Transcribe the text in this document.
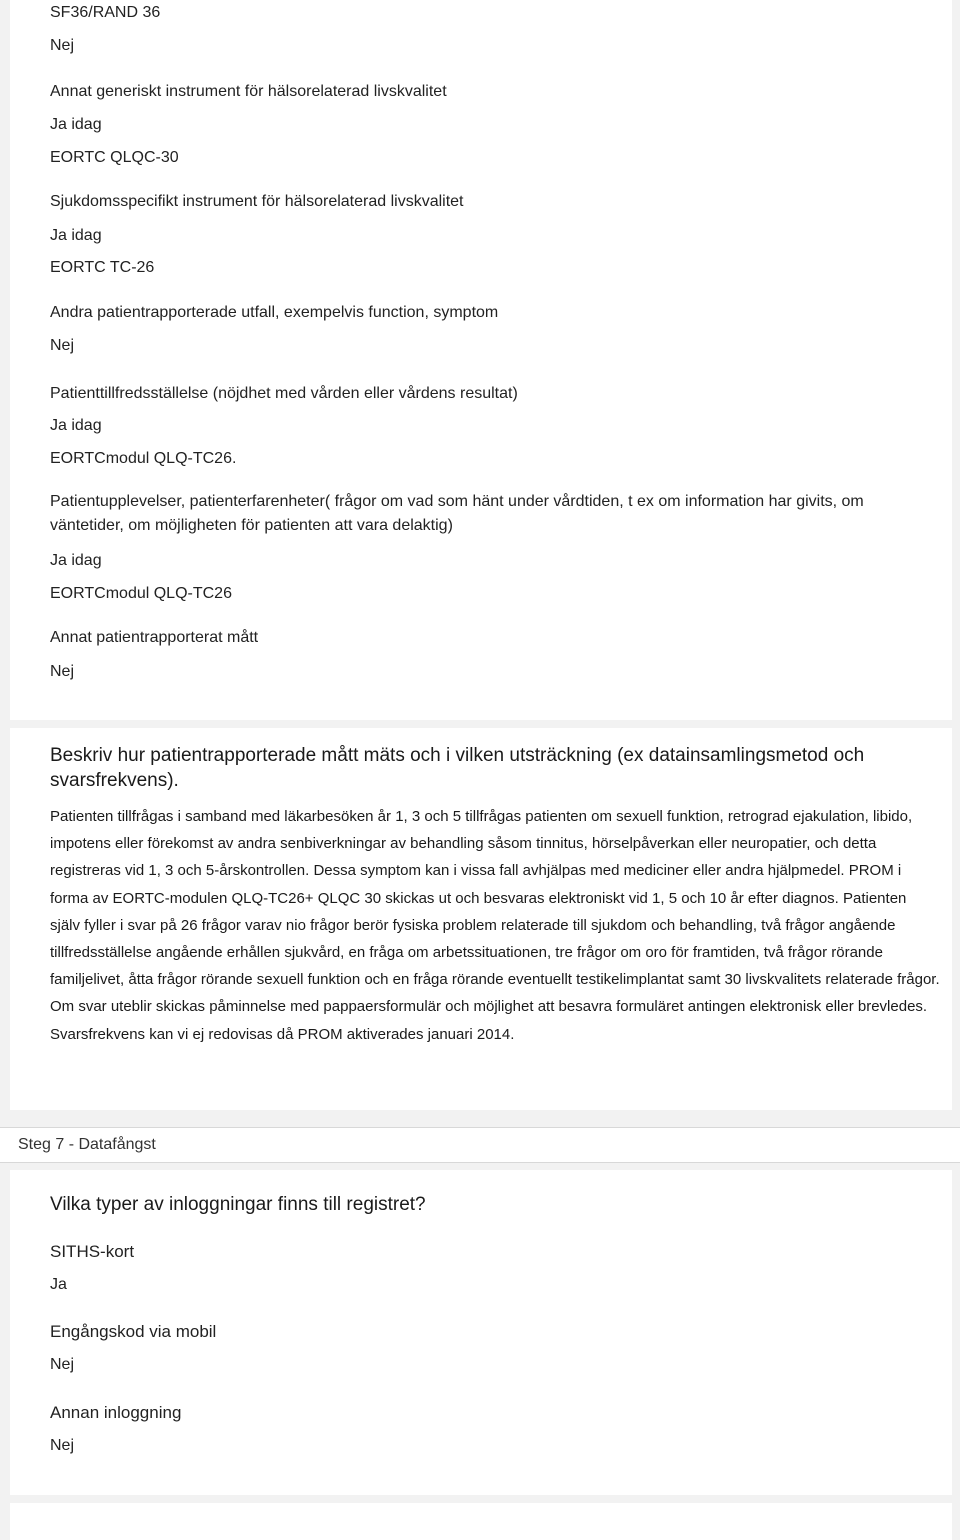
SF36/RAND 36
Nej
Annat generiskt instrument för hälsorelaterad livskvalitet
Ja idag
EORTC QLQC-30
Sjukdomsspecifikt instrument för hälsorelaterad livskvalitet
Ja idag
EORTC TC-26
Andra patientrapporterade utfall, exempelvis function, symptom
Nej
Patienttillfredsställelse (nöjdhet med vården eller vårdens resultat)
Ja idag
EORTCmodul QLQ-TC26.
Patientupplevelser, patienterfarenheter( frågor om vad som hänt under vårdtiden, t ex om information har givits, om väntetider, om möjligheten för patienten att vara delaktig)
Ja idag
EORTCmodul QLQ-TC26
Annat patientrapporterat mått
Nej
Beskriv hur patientrapporterade mått mäts och i vilken utsträckning (ex datainsamlingsmetod och svarsfrekvens).
Patienten tillfrågas i samband med läkarbesöken år 1, 3 och 5 tillfrågas patienten om sexuell funktion, retrograd ejakulation, libido, impotens eller förekomst av andra senbiverkningar av behandling såsom tinnitus, hörselpåverkan eller neuropatier, och detta registreras vid 1, 3 och 5-årskontrollen. Dessa symptom kan i vissa fall avhjälpas med mediciner eller andra hjälpmedel. PROM i forma av EORTC-modulen QLQ-TC26+ QLQC 30 skickas ut och besvaras elektroniskt vid 1, 5 och 10 år efter diagnos. Patienten själv fyller i svar på 26 frågor varav nio frågor berör fysiska problem relaterade till sjukdom och behandling, två frågor angående tillfredsställelse angående erhållen sjukvård, en fråga om arbetssituationen, tre frågor om oro för framtiden, två frågor rörande familjelivet, åtta frågor rörande sexuell funktion och en fråga rörande eventuellt testikelimplantat samt 30 livskvalitets relaterade frågor. Om svar uteblir skickas påminnelse med pappaersformulär och möjlighet att besavra formuläret antingen elektronisk eller brevledes. Svarsfrekvens kan vi ej redovisas då PROM aktiverades januari 2014.
Steg 7 - Datafångst
Vilka typer av inloggningar finns till registret?
SITHS-kort
Ja
Engångskod via mobil
Nej
Annan inloggning
Nej
